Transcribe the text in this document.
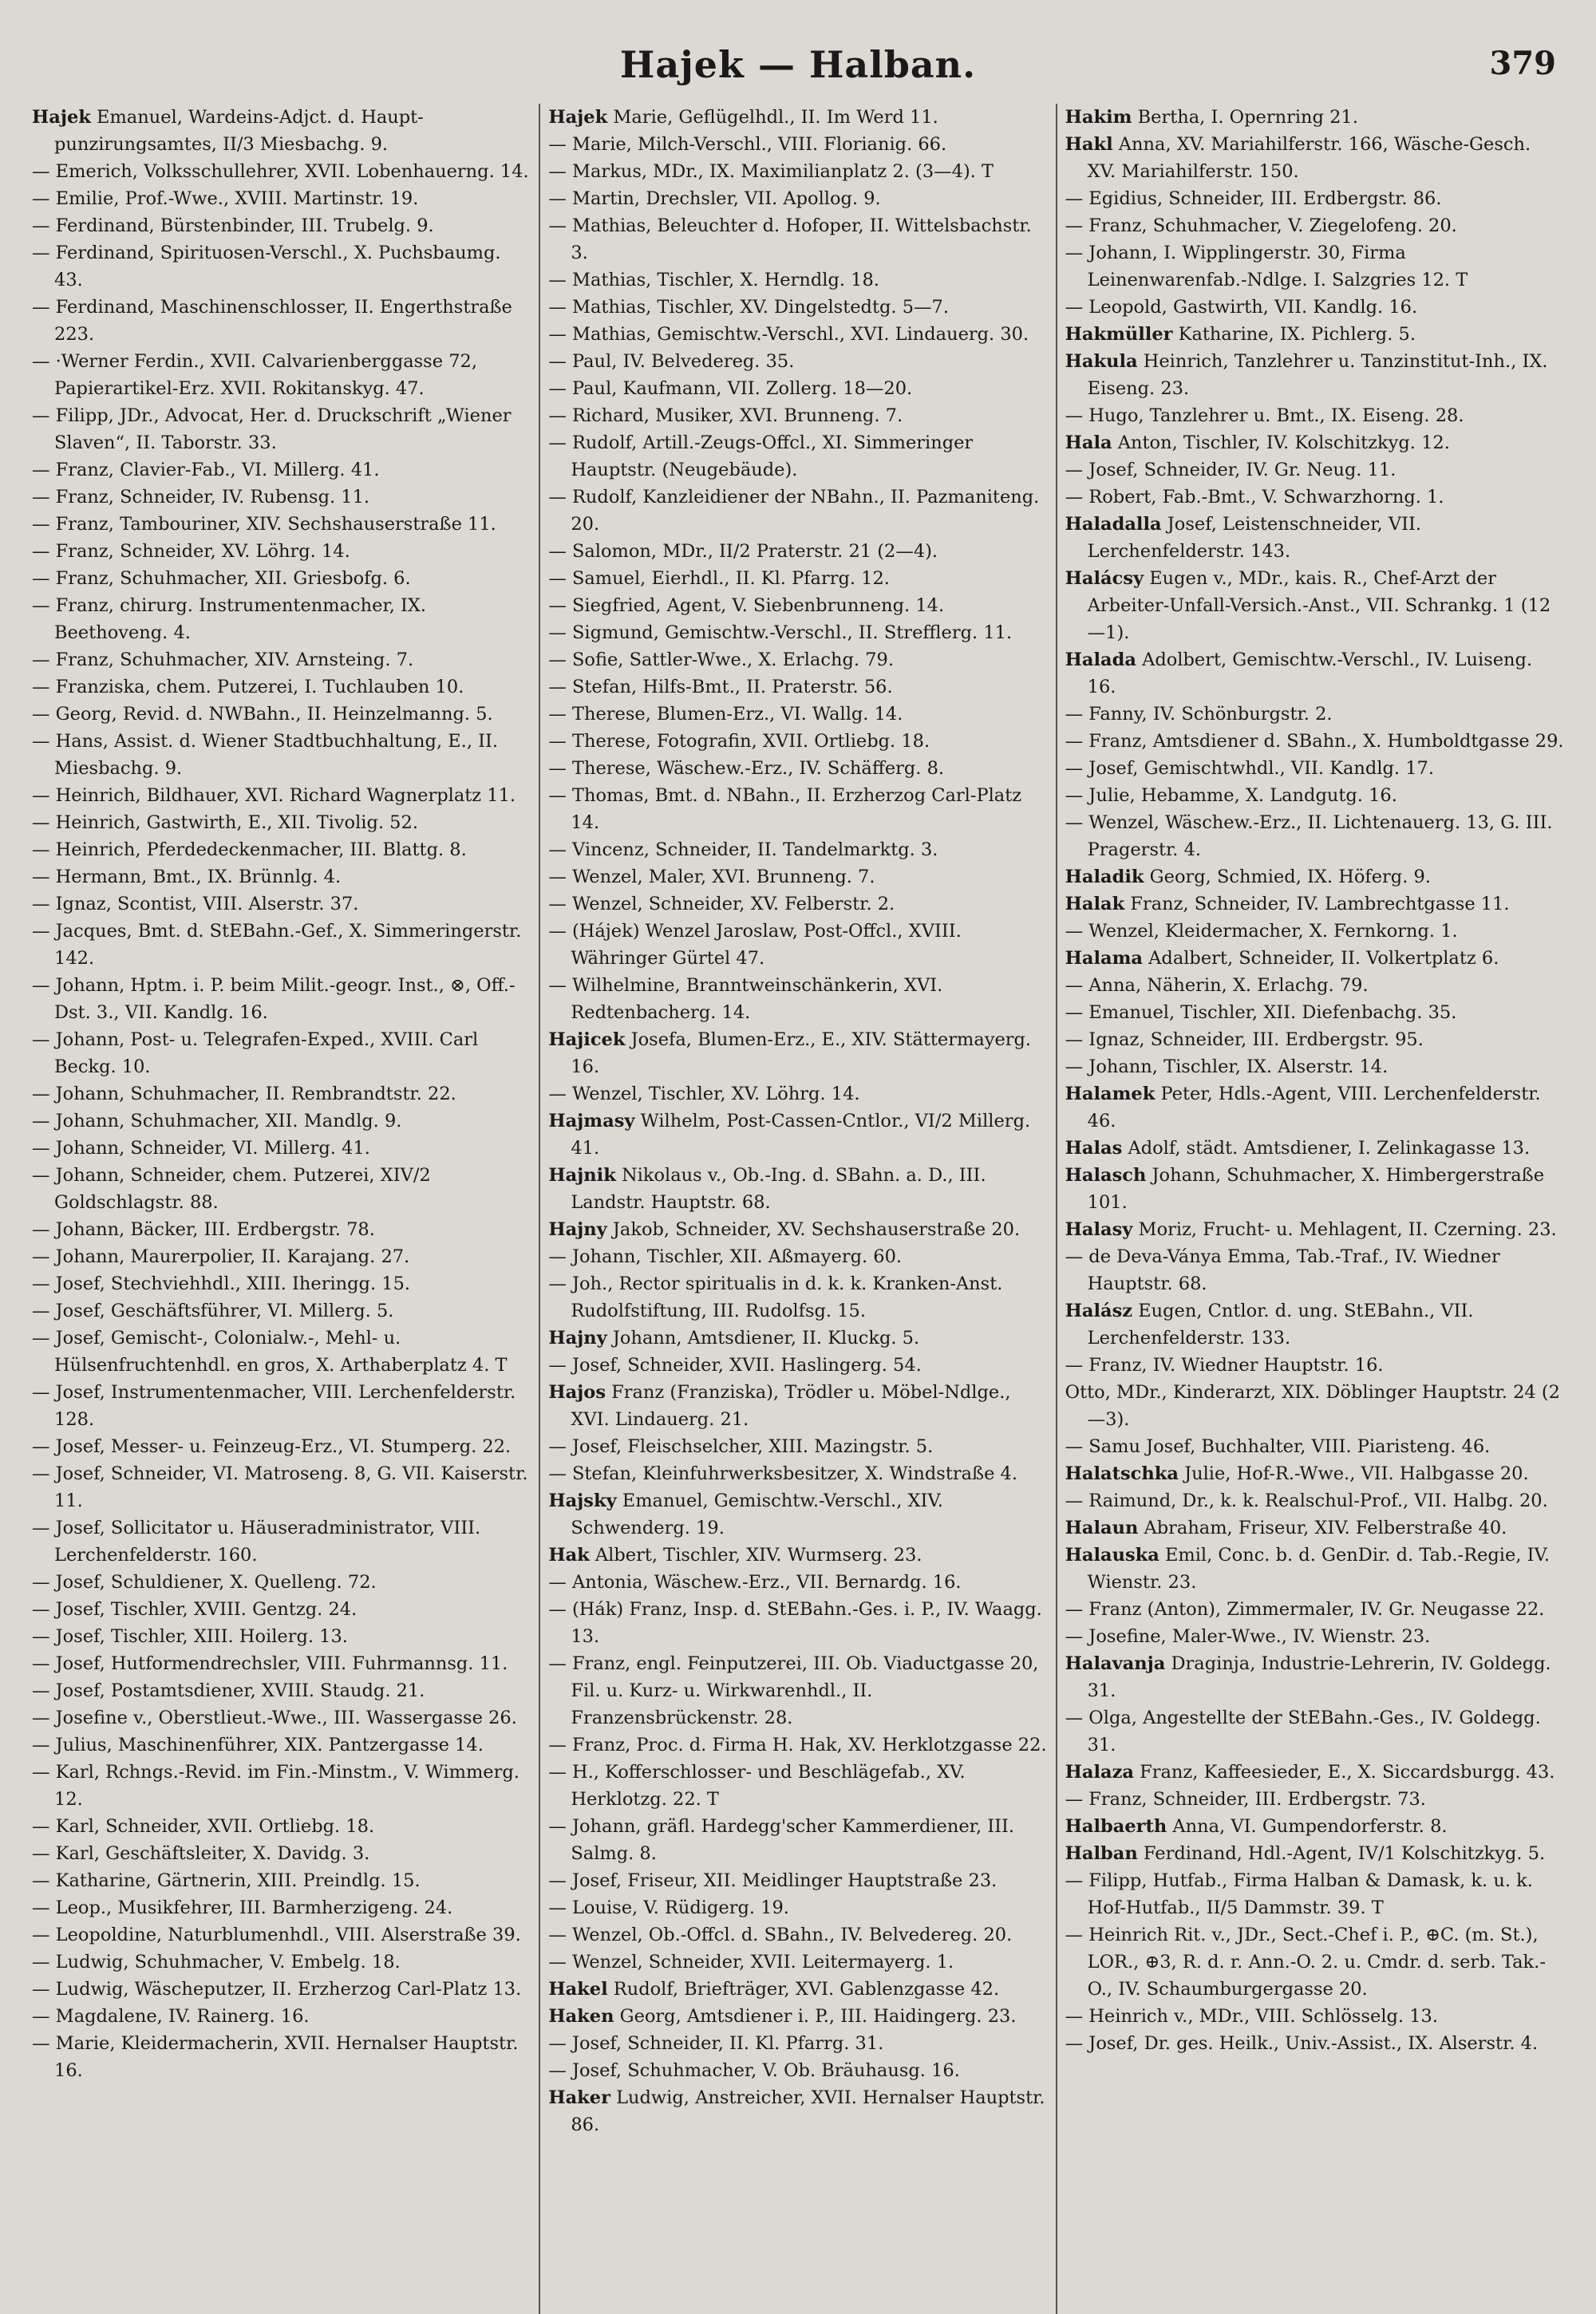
Hajek — Halban.	379

Hajek Emanuel, Wardeins-Adjct. d. Haupt-punzirungsamtes, II/3 Miesbachg. 9.

— Emerich, Volksschullehrer, XVII. Lobenhauerng. 14.

— Emilie, Prof.-Wwe., XVIII. Martinstr. 19.

— Ferdinand, Bürstenbinder, III. Trubelg. 9.

— Ferdinand, Spirituosen-Verschl., X. Puchsbaumg. 43.

— Ferdinand, Maschinenschlosser, II. Engerthstraße 223.

— ·Werner Ferdin., XVII. Calvarienberggasse 72, Papierartikel-Erz. XVII. Rokitanskyg. 47.

— Filipp, JDr., Advocat, Her. d. Druckschrift „Wiener Slaven“, II. Taborstr. 33.

— Franz, Clavier-Fab., VI. Millerg. 41.

— Franz, Schneider, IV. Rubensg. 11.

— Franz, Tambouriner, XIV. Sechshauserstraße 11.

— Franz, Schneider, XV. Löhrg. 14.

— Franz, Schuhmacher, XII. Griesbofg. 6.

— Franz, chirurg. Instrumentenmacher, IX. Beethoveng. 4.

— Franz, Schuhmacher, XIV. Arnsteing. 7.

— Franziska, chem. Putzerei, I. Tuchlauben 10.

— Georg, Revid. d. NWBahn., II. Heinzelmanng. 5.

— Hans, Assist. d. Wiener Stadtbuchhaltung, E., II. Miesbachg. 9.

— Heinrich, Bildhauer, XVI. Richard Wagnerplatz 11.

— Heinrich, Gastwirth, E., XII. Tivolig. 52.

— Heinrich, Pferdedeckenmacher, III. Blattg. 8.

— Hermann, Bmt., IX. Brünnlg. 4.

— Ignaz, Scontist, VIII. Alserstr. 37.

— Jacques, Bmt. d. StEBahn.-Gef., X. Simmeringerstr. 142.

— Johann, Hptm. i. P. beim Milit.-geogr. Inst., ⊗, Off.-Dst. 3., VII. Kandlg. 16.

— Johann, Post- u. Telegrafen-Exped., XVIII. Carl Beckg. 10.

— Johann, Schuhmacher, II. Rembrandtstr. 22.

— Johann, Schuhmacher, XII. Mandlg. 9.

— Johann, Schneider, VI. Millerg. 41.

— Johann, Schneider, chem. Putzerei, XIV/2 Goldschlagstr. 88.

— Johann, Bäcker, III. Erdbergstr. 78.

— Johann, Maurerpolier, II. Karajang. 27.

— Josef, Stechviehhdl., XIII. Iheringg. 15.

— Josef, Geschäftsführer, VI. Millerg. 5.

— Josef, Gemischt-, Colonialw.-, Mehl- u. Hülsenfruchtenhdl. en gros, X. Arthaberplatz 4. T

— Josef, Instrumentenmacher, VIII. Lerchenfelderstr. 128.

— Josef, Messer- u. Feinzeug-Erz., VI. Stumperg. 22.

— Josef, Schneider, VI. Matroseng. 8, G. VII. Kaiserstr. 11.

— Josef, Sollicitator u. Häuseradministrator, VIII. Lerchenfelderstr. 160.

— Josef, Schuldiener, X. Quelleng. 72.

— Josef, Tischler, XVIII. Gentzg. 24.

— Josef, Tischler, XIII. Hoilerg. 13.

— Josef, Hutformendrechsler, VIII. Fuhrmannsg. 11.

— Josef, Postamtsdiener, XVIII. Staudg. 21.

— Josefine v., Oberstlieut.-Wwe., III. Wassergasse 26.

— Julius, Maschinenführer, XIX. Pantzergasse 14.

— Karl, Rchngs.-Revid. im Fin.-Minstm., V. Wimmerg. 12.

— Karl, Schneider, XVII. Ortliebg. 18.

— Karl, Geschäftsleiter, X. Davidg. 3.

— Katharine, Gärtnerin, XIII. Preindlg. 15.

— Leop., Musikfehrer, III. Barmherzigeng. 24.

— Leopoldine, Naturblumenhdl., VIII. Alserstraße 39.

— Ludwig, Schuhmacher, V. Embelg. 18.

— Ludwig, Wäscheputzer, II. Erzherzog Carl-Platz 13.

— Magdalene, IV. Rainerg. 16.

— Marie, Kleidermacherin, XVII. Hernalser Hauptstr. 16.

Hajek Marie, Geflügelhdl., II. Im Werd 11.

— Marie, Milch-Verschl., VIII. Florianig. 66.

— Markus, MDr., IX. Maximilianplatz 2. (3—4). T

— Martin, Drechsler, VII. Apollog. 9.

— Mathias, Beleuchter d. Hofoper, II. Wittelsbachstr. 3.

— Mathias, Tischler, X. Herndlg. 18.

— Mathias, Tischler, XV. Dingelstedtg. 5—7.

— Mathias, Gemischtw.-Verschl., XVI. Lindauerg. 30.

— Paul, IV. Belvedereg. 35.

— Paul, Kaufmann, VII. Zollerg. 18—20.

— Richard, Musiker, XVI. Brunneng. 7.

— Rudolf, Artill.-Zeugs-Offcl., XI. Simmeringer Hauptstr. (Neugebäude).

— Rudolf, Kanzleidiener der NBahn., II. Pazmaniteng. 20.

— Salomon, MDr., II/2 Praterstr. 21 (2—4).

— Samuel, Eierhdl., II. Kl. Pfarrg. 12.

— Siegfried, Agent, V. Siebenbrunneng. 14.

— Sigmund, Gemischtw.-Verschl., II. Strefflerg. 11.

— Sofie, Sattler-Wwe., X. Erlachg. 79.

— Stefan, Hilfs-Bmt., II. Praterstr. 56.

— Therese, Blumen-Erz., VI. Wallg. 14.

— Therese, Fotografin, XVII. Ortliebg. 18.

— Therese, Wäschew.-Erz., IV. Schäfferg. 8.

— Thomas, Bmt. d. NBahn., II. Erzherzog Carl-Platz 14.

— Vincenz, Schneider, II. Tandelmarktg. 3.

— Wenzel, Maler, XVI. Brunneng. 7.

— Wenzel, Schneider, XV. Felberstr. 2.

— (Hájek) Wenzel Jaroslaw, Post-Offcl., XVIII. Währinger Gürtel 47.

— Wilhelmine, Branntweinschänkerin, XVI. Redtenbacherg. 14.

Hajicek Josefa, Blumen-Erz., E., XIV. Stättermayerg. 16.

— Wenzel, Tischler, XV. Löhrg. 14.

Hajmasy Wilhelm, Post-Cassen-Cntlor., VI/2 Millerg. 41.

Hajnik Nikolaus v., Ob.-Ing. d. SBahn. a. D., III. Landstr. Hauptstr. 68.

Hajny Jakob, Schneider, XV. Sechshauserstraße 20.

— Johann, Tischler, XII. Aßmayerg. 60.

— Joh., Rector spiritualis in d. k. k. Kranken-Anst. Rudolfstiftung, III. Rudolfsg. 15.

Hajny Johann, Amtsdiener, II. Kluckg. 5.

— Josef, Schneider, XVII. Haslingerg. 54.

Hajos Franz (Franziska), Trödler u. Möbel-Ndlge., XVI. Lindauerg. 21.

— Josef, Fleischselcher, XIII. Mazingstr. 5.

— Stefan, Kleinfuhrwerksbesitzer, X. Windstraße 4.

Hajsky Emanuel, Gemischtw.-Verschl., XIV. Schwenderg. 19.

Hak Albert, Tischler, XIV. Wurmserg. 23.

— Antonia, Wäschew.-Erz., VII. Bernardg. 16.

— (Hák) Franz, Insp. d. StEBahn.-Ges. i. P., IV. Waagg. 13.

— Franz, engl. Feinputzerei, III. Ob. Viaductgasse 20, Fil. u. Kurz- u. Wirkwarenhdl., II. Franzensbrückenstr. 28.

— Franz, Proc. d. Firma H. Hak, XV. Herklotzgasse 22.

— H., Kofferschlosser- und Beschlägefab., XV. Herklotzg. 22. T

— Johann, gräfl. Hardegg'scher Kammerdiener, III. Salmg. 8.

— Josef, Friseur, XII. Meidlinger Hauptstraße 23.

— Louise, V. Rüdigerg. 19.

— Wenzel, Ob.-Offcl. d. SBahn., IV. Belvedereg. 20.

— Wenzel, Schneider, XVII. Leitermayerg. 1.

Hakel Rudolf, Briefträger, XVI. Gablenzgasse 42.

Haken Georg, Amtsdiener i. P., III. Haidingerg. 23.

— Josef, Schneider, II. Kl. Pfarrg. 31.

— Josef, Schuhmacher, V. Ob. Bräuhausg. 16.

Haker Ludwig, Anstreicher, XVII. Hernalser Hauptstr. 86.

Hakim Bertha, I. Opernring 21.

Hakl Anna, XV. Mariahilferstr. 166, Wäsche-Gesch. XV. Mariahilferstr. 150.

— Egidius, Schneider, III. Erdbergstr. 86.

— Franz, Schuhmacher, V. Ziegelofeng. 20.

— Johann, I. Wipplingerstr. 30, Firma Leinenwarenfab.-Ndlge. I. Salzgries 12. T

— Leopold, Gastwirth, VII. Kandlg. 16.

Hakmüller Katharine, IX. Pichlerg. 5.

Hakula Heinrich, Tanzlehrer u. Tanzinstitut-Inh., IX. Eiseng. 23.

— Hugo, Tanzlehrer u. Bmt., IX. Eiseng. 28.

Hala Anton, Tischler, IV. Kolschitzkyg. 12.

— Josef, Schneider, IV. Gr. Neug. 11.

— Robert, Fab.-Bmt., V. Schwarzhorng. 1.

Haladalla Josef, Leistenschneider, VII. Lerchenfelderstr. 143.

Halácsy Eugen v., MDr., kais. R., Chef-Arzt der Arbeiter-Unfall-Versich.-Anst., VII. Schrankg. 1 (12—1).

Halada Adolbert, Gemischtw.-Verschl., IV. Luiseng. 16.

— Fanny, IV. Schönburgstr. 2.

— Franz, Amtsdiener d. SBahn., X. Humboldtgasse 29.

— Josef, Gemischtwhdl., VII. Kandlg. 17.

— Julie, Hebamme, X. Landgutg. 16.

— Wenzel, Wäschew.-Erz., II. Lichtenauerg. 13, G. III. Pragerstr. 4.

Haladik Georg, Schmied, IX. Höferg. 9.

Halak Franz, Schneider, IV. Lambrechtgasse 11.

— Wenzel, Kleidermacher, X. Fernkorng. 1.

Halama Adalbert, Schneider, II. Volkertplatz 6.

— Anna, Näherin, X. Erlachg. 79.

— Emanuel, Tischler, XII. Diefenbachg. 35.

— Ignaz, Schneider, III. Erdbergstr. 95.

— Johann, Tischler, IX. Alserstr. 14.

Halamek Peter, Hdls.-Agent, VIII. Lerchenfelderstr. 46.

Halas Adolf, städt. Amtsdiener, I. Zelinkagasse 13.

Halasch Johann, Schuhmacher, X. Himbergerstraße 101.

Halasy Moriz, Frucht- u. Mehlagent, II. Czerning. 23.

— de Deva-Ványa Emma, Tab.-Traf., IV. Wiedner Hauptstr. 68.

Halász Eugen, Cntlor. d. ung. StEBahn., VII. Lerchenfelderstr. 133.

— Franz, IV. Wiedner Hauptstr. 16.

Otto, MDr., Kinderarzt, XIX. Döblinger Hauptstr. 24 (2—3).

— Samu Josef, Buchhalter, VIII. Piaristeng. 46.

Halatschka Julie, Hof-R.-Wwe., VII. Halbgasse 20.

— Raimund, Dr., k. k. Realschul-Prof., VII. Halbg. 20.

Halaun Abraham, Friseur, XIV. Felberstraße 40.

Halauska Emil, Conc. b. d. GenDir. d. Tab.-Regie, IV. Wienstr. 23.

— Franz (Anton), Zimmermaler, IV. Gr. Neugasse 22.

— Josefine, Maler-Wwe., IV. Wienstr. 23.

Halavanja Draginja, Industrie-Lehrerin, IV. Goldegg. 31.

— Olga, Angestellte der StEBahn.-Ges., IV. Goldegg. 31.

Halaza Franz, Kaffeesieder, E., X. Siccardsburgg. 43.

— Franz, Schneider, III. Erdbergstr. 73.

Halbaerth Anna, VI. Gumpendorferstr. 8.

Halban Ferdinand, Hdl.-Agent, IV/1 Kolschitzkyg. 5.

— Filipp, Hutfab., Firma Halban & Damask, k. u. k. Hof-Hutfab., II/5 Dammstr. 39. T

— Heinrich Rit. v., JDr., Sect.-Chef i. P., ⊕C. (m. St.), LOR., ⊕3, R. d. r. Ann.-O. 2. u. Cmdr. d. serb. Tak.-O., IV. Schaumburgergasse 20.

— Heinrich v., MDr., VIII. Schlösselg. 13.

— Josef, Dr. ges. Heilk., Univ.-Assist., IX. Alserstr. 4.
